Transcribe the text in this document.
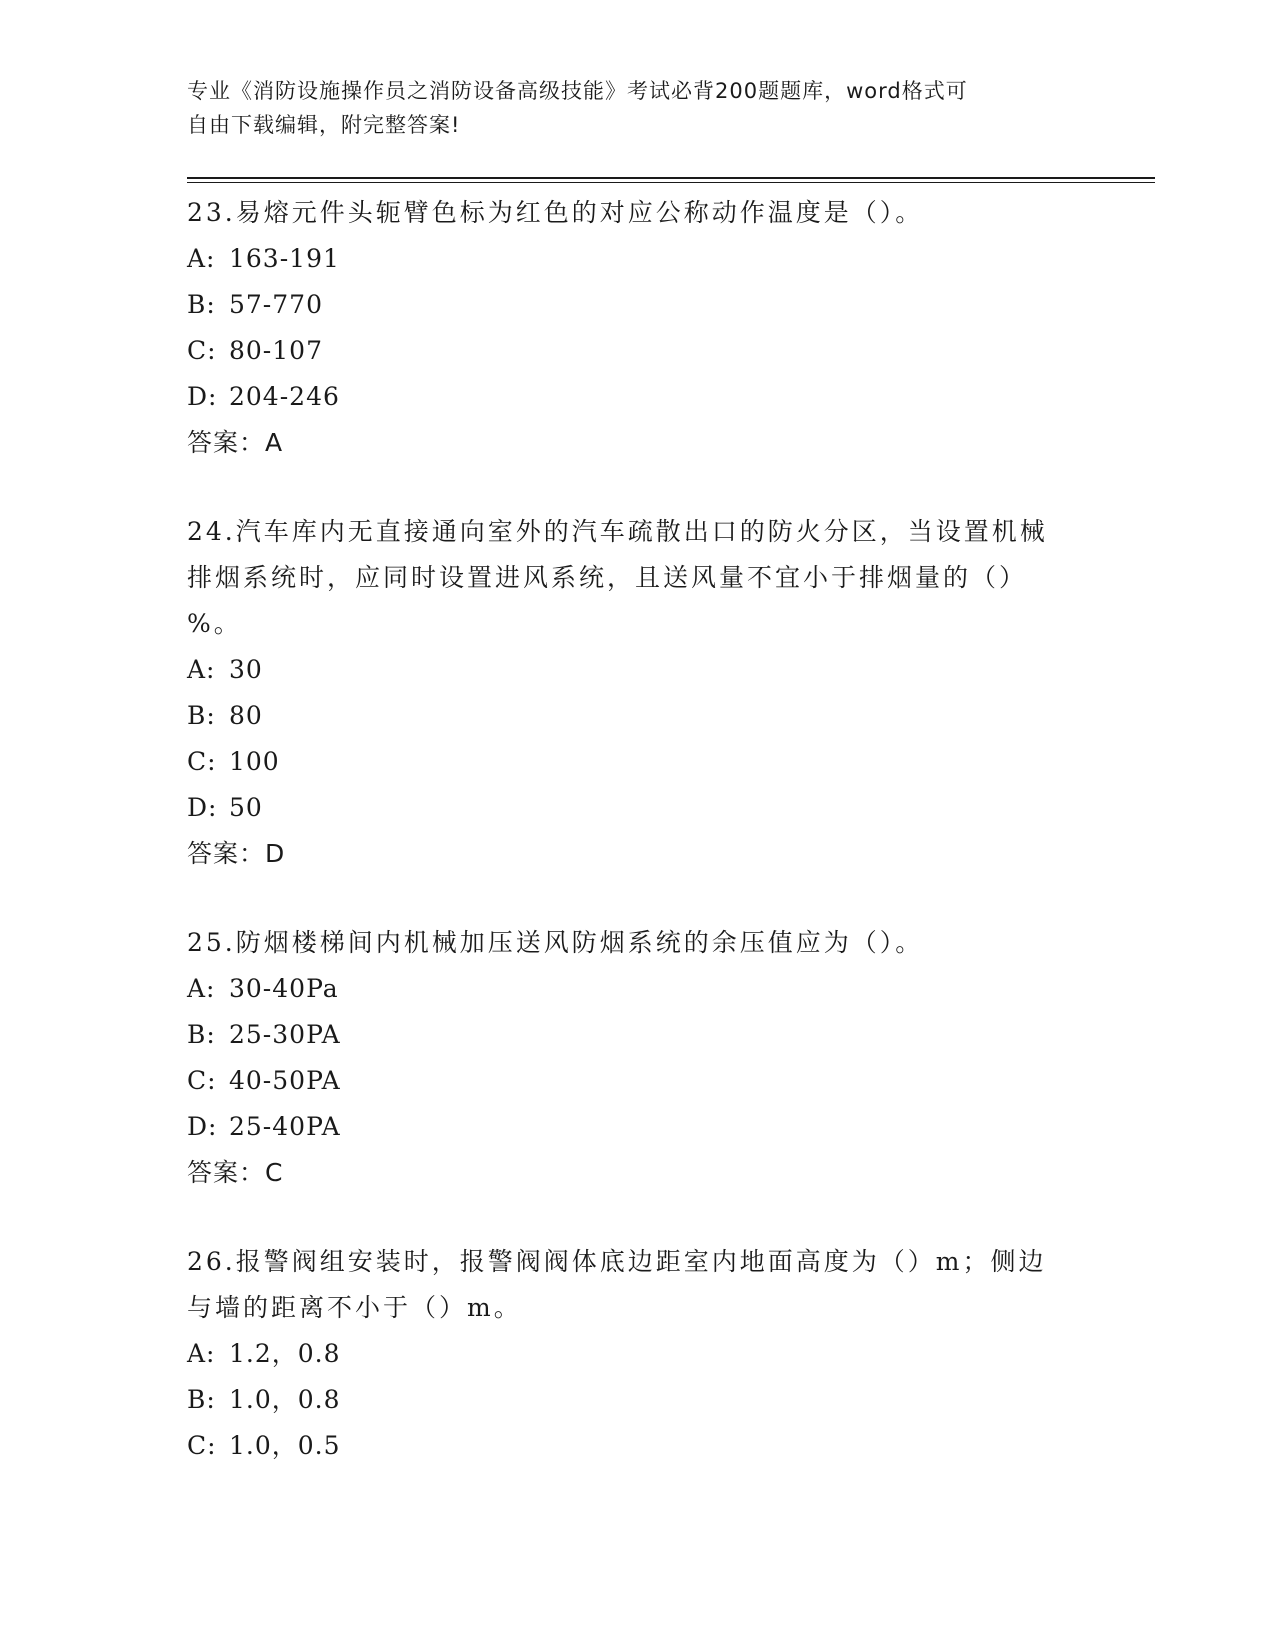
专业《消防设施操作员之消防设备高级技能》考试必背200题题库，word格式可
自由下载编辑，附完整答案!
23.易熔元件头轭臂色标为红色的对应公称动作温度是（）。
A: 163-191
B: 57-770
C: 80-107
D: 204-246
答案：A
24.汽车库内无直接通向室外的汽车疏散出口的防火分区，当设置机械排烟系统时，应同时设置进风系统，且送风量不宜小于排烟量的（）%。
A: 30
B: 80
C: 100
D: 50
答案：D
25.防烟楼梯间内机械加压送风防烟系统的余压值应为（）。
A: 30-40Pa
B: 25-30PA
C: 40-50PA
D: 25-40PA
答案：C
26.报警阀组安装时，报警阀阀体底边距室内地面高度为（）m；侧边与墙的距离不小于（）m。
A: 1.2，0.8
B: 1.0，0.8
C: 1.0，0.5
